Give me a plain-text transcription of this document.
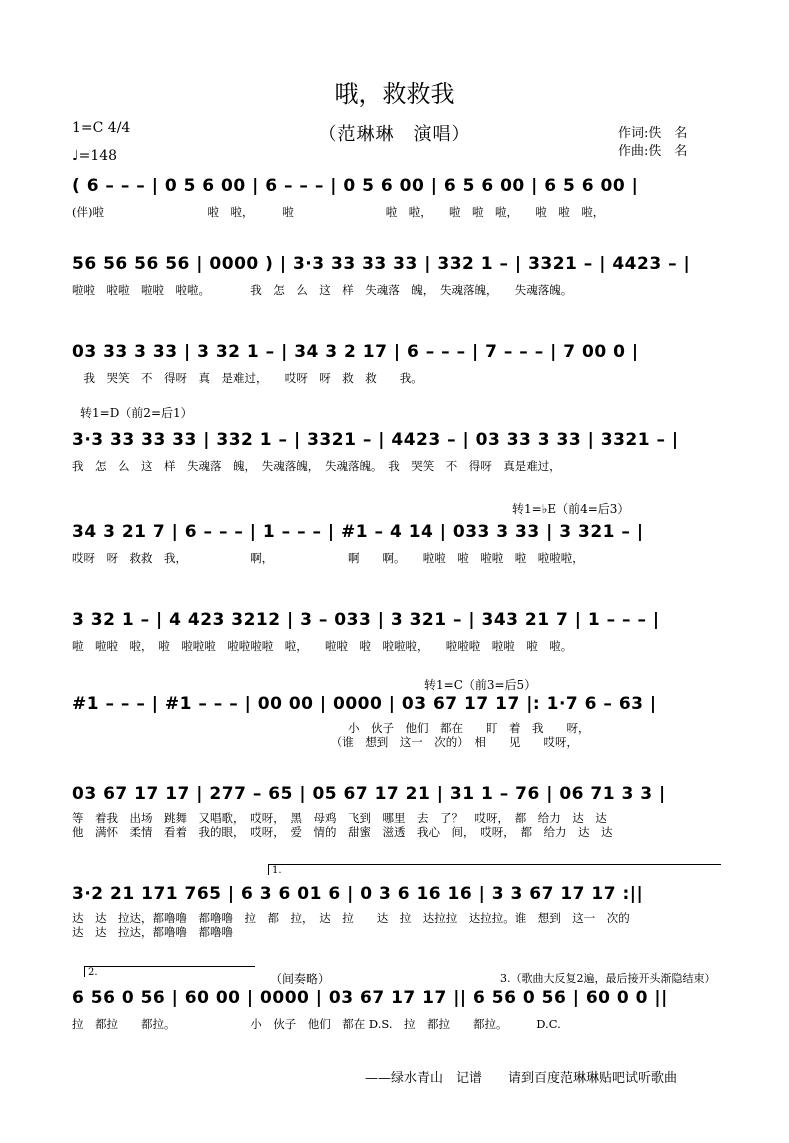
哦，救救我
（范琳琳　演唱）
1=C 4/4
♩=148
作词:佚　名
作曲:佚　名
( 6 – – – | 0 5 6 00 | 6 – – – | 0 5 6 00 | 6 5 6 00 | 6 5 6 00 |
(伴)啦　　　　　　　　　啦　啦，　　　啦　　　　　　　　啦　啦，　　啦　啦　啦，　　啦　啦　啦，
56 56 56 56 | 0000 ) | 3·3 33 33 33 | 332 1 – | 3321 – | 4423 – |
啦啦　啦啦　啦啦　啦啦。　　　　我　怎　么　这　样　失魂落　魄，　失魂落魄，　　失魂落魄。
03 33 3 33 | 3 32 1 – | 34 3 2 17 | 6 – – – | 7 – – – | 7 00 0 |
　我　哭笑　不　得呀　真　是难过，　　哎呀　呀　救　救　　我。
转1=D（前2=后1）
3·3 33 33 33 | 332 1 – | 3321 – | 4423 – | 03 33 3 33 | 3321 – |
我　怎　么　这　样　失魂落　魄，　失魂落魄，　失魂落魄。　我　哭笑　不　得呀　真是难过，
转1=♭E（前4=后3）
34 3 21 7 | 6 – – – | 1 – – – | #1 – 4 14 | 033 3 33 | 3 321 – |
哎呀　呀　救救　我，　　　　　　啊，　　　　　　　啊　　啊。　　啦啦　啦　啦啦　啦　啦啦啦，
3 32 1 – | 4 423 3212 | 3 – 033 | 3 321 – | 343 21 7 | 1 – – – |
啦　啦啦　啦，　啦　啦啦啦　啦啦啦啦　啦，　　啦啦　啦　啦啦啦，　　啦啦啦　啦啦　啦　啦。
转1=C（前3=后5）
#1 – – – | #1 – – – | 00 00 | 0000 | 03 67 17 17 |: 1·7 6 – 63 |
　　　　　　　　　　　　　　　　　　　　　　　　小　伙子　他们　都在　　盯　着　我　　呀，
　　　　　　　　　　　　　　　　　　　　　　　（谁　想到　这一　次的）　相　　见　　哎呀，
03 67 17 17 | 277 – 65 | 05 67 17 21 | 31 1 – 76 | 06 71 3 3 |
等　着我　出场　跳舞　又唱歌，　哎呀，　黑　母鸡　飞到　哪里　去　了？　哎呀，　都　给力　达　达
他　满怀　柔情　看着　我的眼，　哎呀，　爱　情的　甜蜜　滋透　我心　间，　哎呀，　都　给力　达　达
1.
3·2 21 171 765 | 6 3 6 01 6 | 0 3 6 16 16 | 3 3 67 17 17 :||
达　达　拉达，都噜噜　都噜噜　拉　都　拉，　达　拉　　达　拉　达拉拉　达拉拉。谁　想到　这一　次的
达　达　拉达，都噜噜　都噜噜
2.	（间奏略）	3.（歌曲大反复2遍，最后接开头渐隐结束）
6 56 0 56 | 60 00 | 0000 | 03 67 17 17 || 6 56 0 56 | 60 0 0 ||
拉　都拉　　都拉。　　　　　　　小　伙子　他们　都在 D.S.　拉　都拉　　都拉。　　　D.C.
——绿水青山　记谱　　请到百度范琳琳贴吧试听歌曲
